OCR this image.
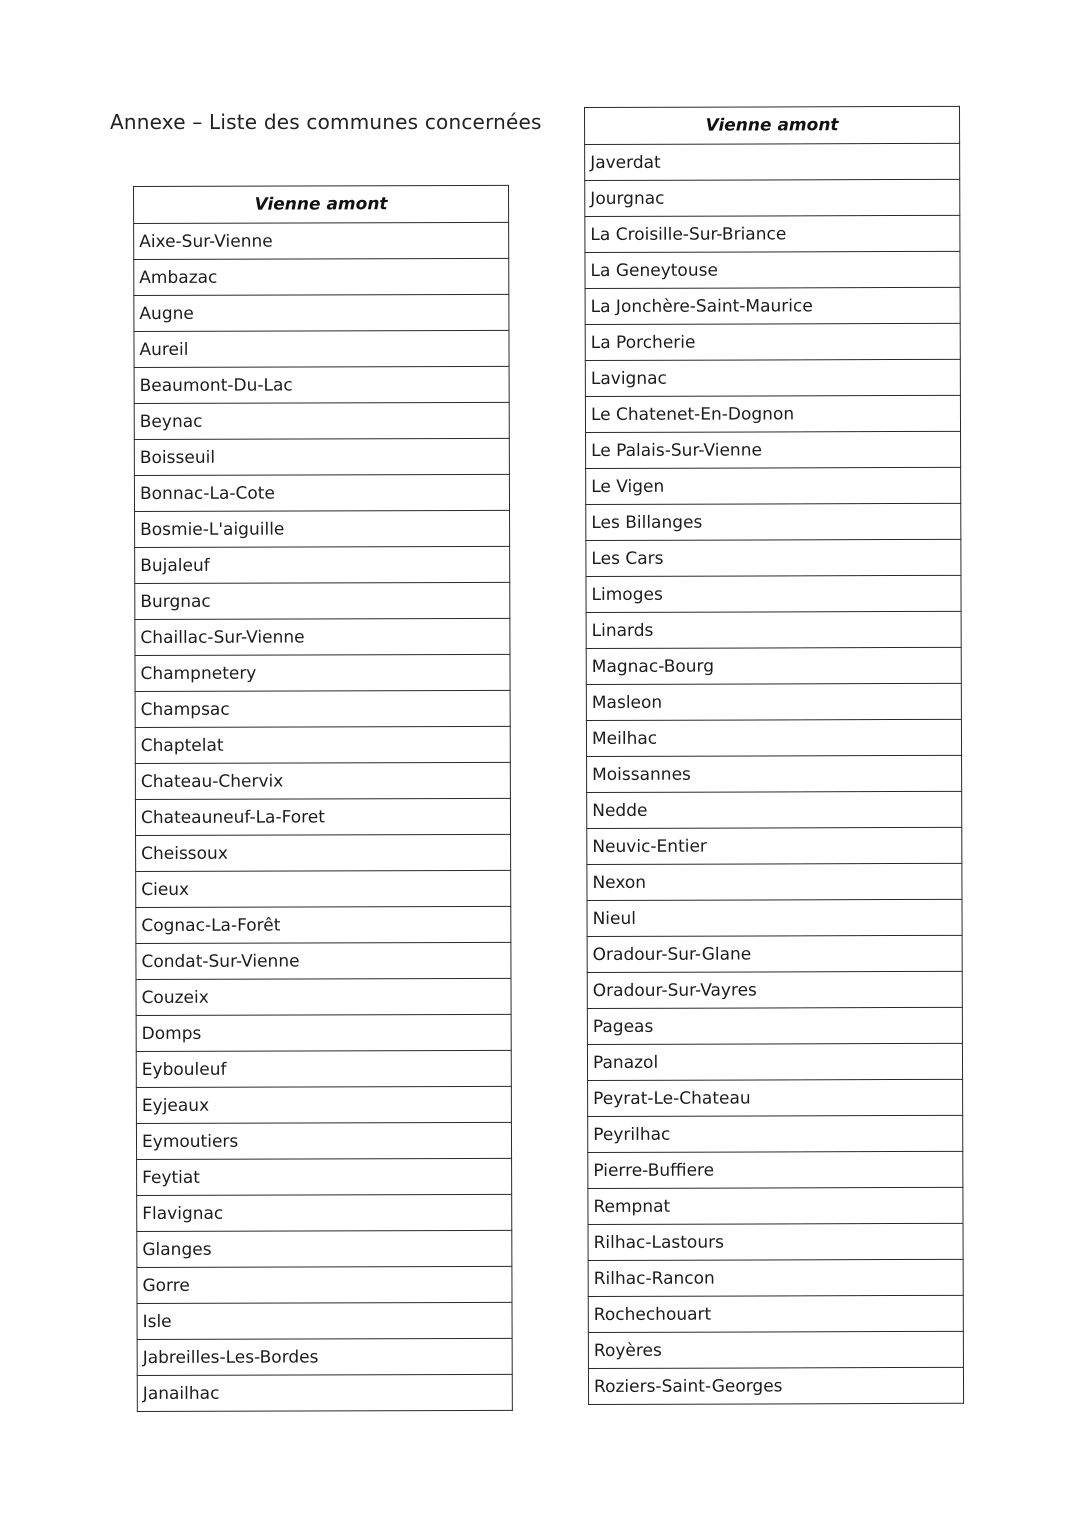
Annexe – Liste des communes concernées
Vienne amont
Aixe-Sur-Vienne
Ambazac
Augne
Aureil
Beaumont-Du-Lac
Beynac
Boisseuil
Bonnac-La-Cote
Bosmie-L'aiguille
Bujaleuf
Burgnac
Chaillac-Sur-Vienne
Champnetery
Champsac
Chaptelat
Chateau-Chervix
Chateauneuf-La-Foret
Cheissoux
Cieux
Cognac-La-Forêt
Condat-Sur-Vienne
Couzeix
Domps
Eybouleuf
Eyjeaux
Eymoutiers
Feytiat
Flavignac
Glanges
Gorre
Isle
Jabreilles-Les-Bordes
Janailhac
Vienne amont
Javerdat
Jourgnac
La Croisille-Sur-Briance
La Geneytouse
La Jonchère-Saint-Maurice
La Porcherie
Lavignac
Le Chatenet-En-Dognon
Le Palais-Sur-Vienne
Le Vigen
Les Billanges
Les Cars
Limoges
Linards
Magnac-Bourg
Masleon
Meilhac
Moissannes
Nedde
Neuvic-Entier
Nexon
Nieul
Oradour-Sur-Glane
Oradour-Sur-Vayres
Pageas
Panazol
Peyrat-Le-Chateau
Peyrilhac
Pierre-Buffiere
Rempnat
Rilhac-Lastours
Rilhac-Rancon
Rochechouart
Royères
Roziers-Saint-Georges
